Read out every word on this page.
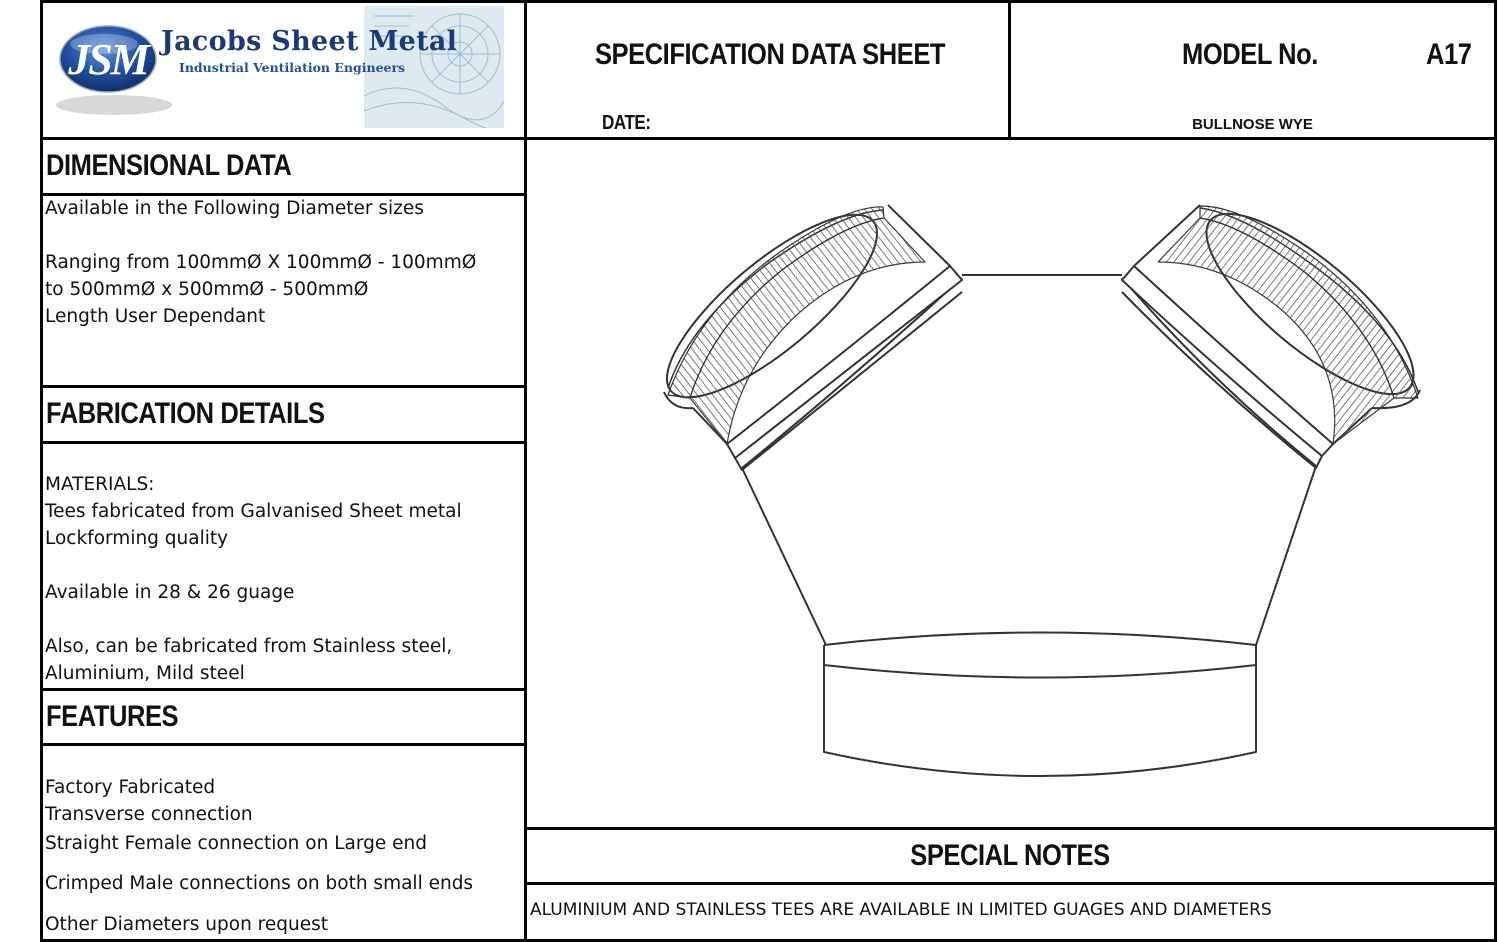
JSM Jacobs Sheet Metal
Industrial Ventilation Engineers	SPECIFICATION DATA SHEET
DATE:
MODEL No.	A17
BULLNOSE WYE
DIMENSIONAL DATA
Available in the Following Diameter sizes
Ranging from 100mmØ X 100mmØ - 100mmØ
to 500mmØ x 500mmØ - 500mmØ
Length User Dependant
FABRICATION DETAILS
MATERIALS:
Tees fabricated from Galvanised Sheet metal
Lockforming quality
Available in 28 & 26 guage
Also, can be fabricated from Stainless steel,
Aluminium, Mild steel
FEATURES
Factory Fabricated
Transverse connection
Straight Female connection on Large end
Crimped Male connections on both small ends
Other Diameters upon request
SPECIAL NOTES
ALUMINIUM AND STAINLESS TEES ARE AVAILABLE IN LIMITED GUAGES AND DIAMETERS
